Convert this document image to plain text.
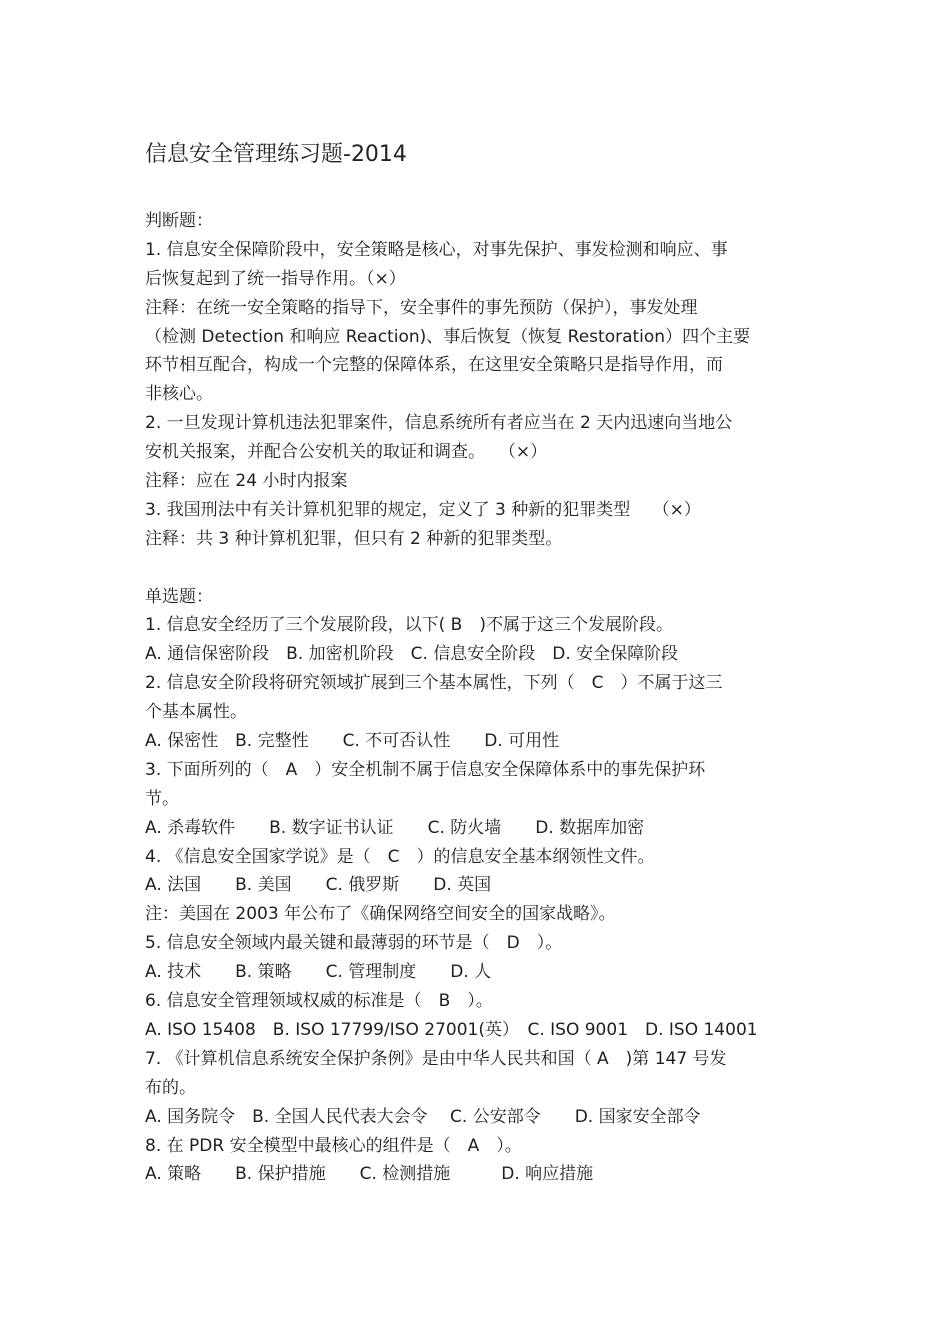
信息安全管理练习题-2014
判断题：
1. 信息安全保障阶段中，安全策略是核心，对事先保护、事发检测和响应、事
后恢复起到了统一指导作用。（×）
注释：在统一安全策略的指导下，安全事件的事先预防（保护），事发处理
（检测 Detection 和响应 Reaction)、事后恢复（恢复 Restoration）四个主要
环节相互配合，构成一个完整的保障体系，在这里安全策略只是指导作用，而
非核心。
2. 一旦发现计算机违法犯罪案件，信息系统所有者应当在 2 天内迅速向当地公
安机关报案，并配合公安机关的取证和调查。　 （×）
注释：应在 24 小时内报案
3. 我国刑法中有关计算机犯罪的规定，定义了 3 种新的犯罪类型　 （×）
注释：共 3 种计算机犯罪，但只有 2 种新的犯罪类型。
单选题：
1. 信息安全经历了三个发展阶段，以下( B　)不属于这三个发展阶段。
A. 通信保密阶段　B. 加密机阶段　C. 信息安全阶段　D. 安全保障阶段
2. 信息安全阶段将研究领域扩展到三个基本属性，下列（　C　）不属于这三
个基本属性。
A. 保密性　B. 完整性　　C. 不可否认性　　D. 可用性
3. 下面所列的（　A　）安全机制不属于信息安全保障体系中的事先保护环
节。
A. 杀毒软件　　B. 数字证书认证　　C. 防火墙　　D. 数据库加密
4. 《信息安全国家学说》是（　C　）的信息安全基本纲领性文件。
A. 法国　　B. 美国　　C. 俄罗斯　　D. 英国
注：美国在 2003 年公布了《确保网络空间安全的国家战略》。
5. 信息安全领域内最关键和最薄弱的环节是（　D　）。
A. 技术　　B. 策略　　C. 管理制度　　D. 人
6. 信息安全管理领域权威的标准是（　B　）。
A. ISO 15408　B. ISO 17799/ISO 27001(英）　C. ISO 9001　D. ISO 14001
7. 《计算机信息系统安全保护条例》是由中华人民共和国（ A　)第 147 号发
布的。
A. 国务院令　B. 全国人民代表大会令　 C. 公安部令　　D. 国家安全部令
8. 在 PDR 安全模型中最核心的组件是（　A　）。
A. 策略　　B. 保护措施　　C. 检测措施　　　D. 响应措施
